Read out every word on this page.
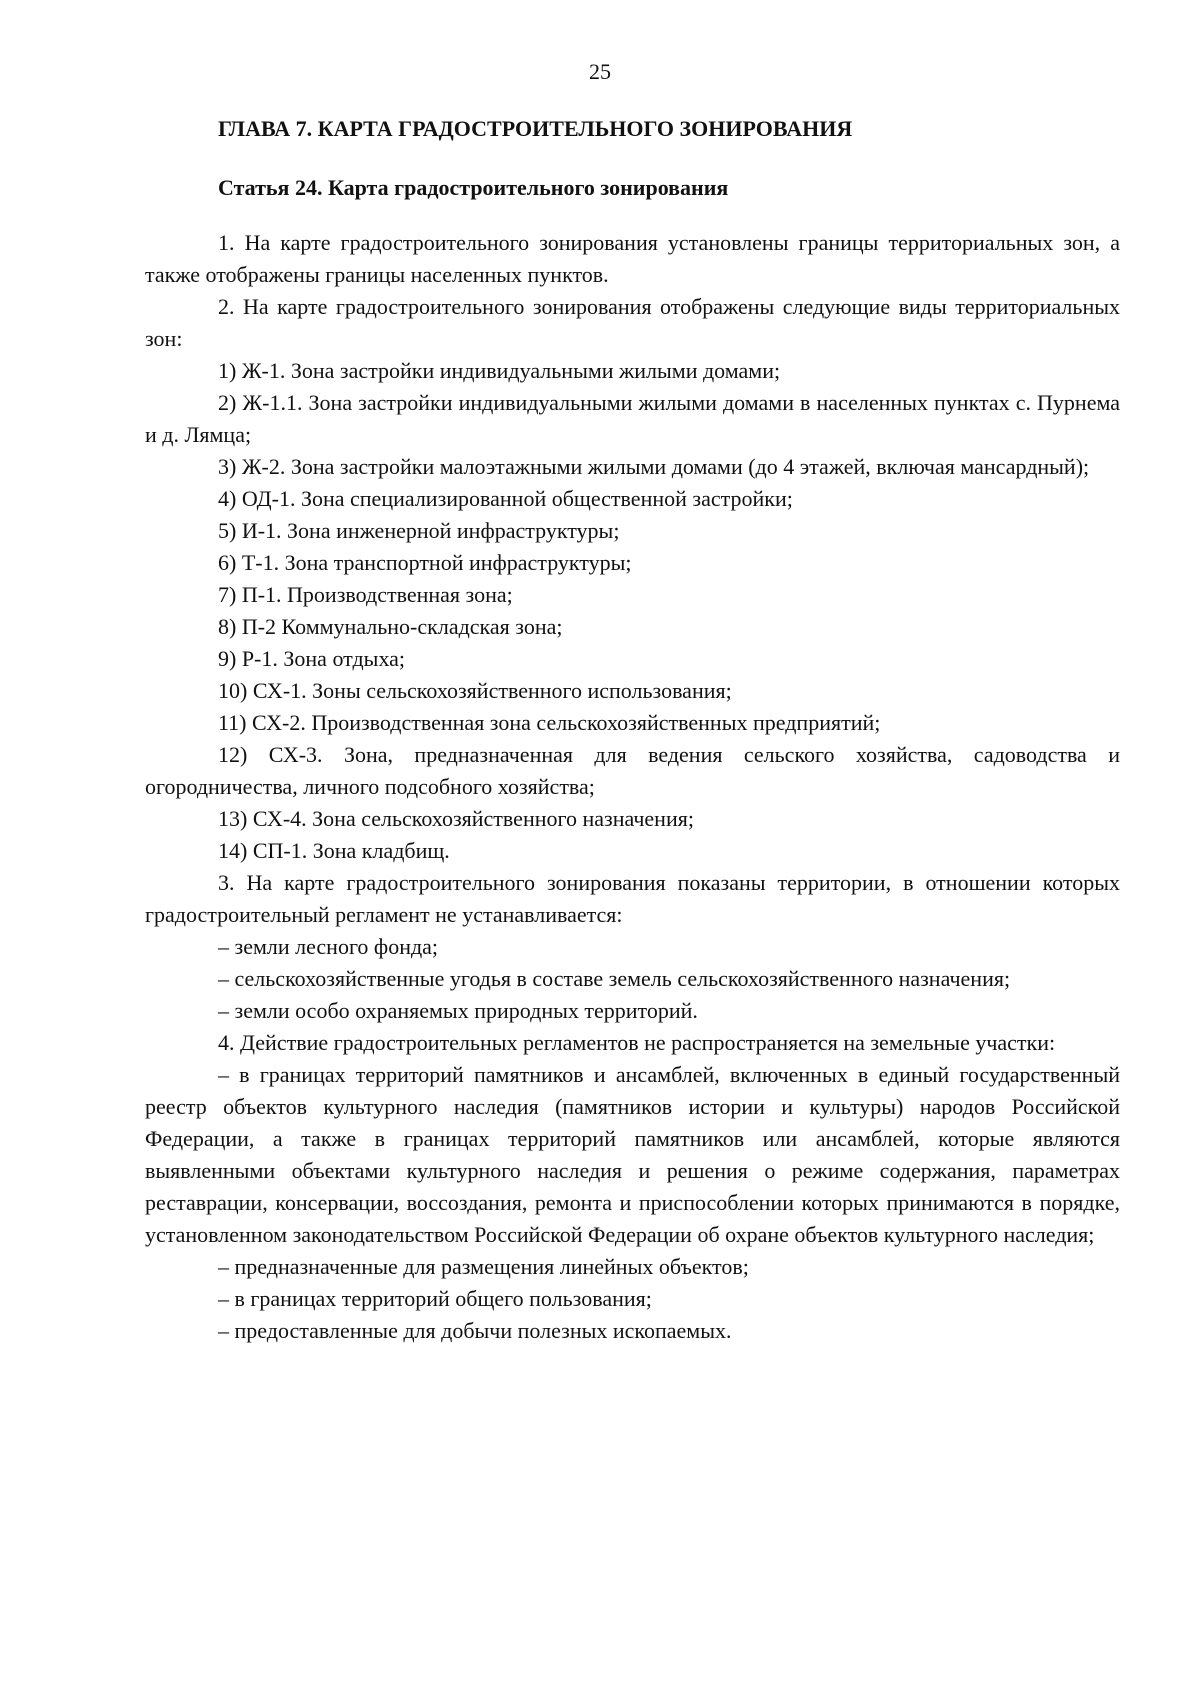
25
ГЛАВА 7. КАРТА ГРАДОСТРОИТЕЛЬНОГО ЗОНИРОВАНИЯ
Статья 24. Карта градостроительного зонирования

1. На карте градостроительного зонирования установлены границы территориальных зон, а также отображены границы населенных пунктов.

2. На карте градостроительного зонирования отображены следующие виды территориальных зон:

1) Ж-1. Зона застройки индивидуальными жилыми домами;

2) Ж-1.1. Зона застройки индивидуальными жилыми домами в населенных пунктах с. Пурнема и д. Лямца;

3) Ж-2. Зона застройки малоэтажными жилыми домами (до 4 этажей, включая мансардный);

4) ОД-1. Зона специализированной общественной застройки;

5) И-1. Зона инженерной инфраструктуры;

6) Т-1. Зона транспортной инфраструктуры;

7) П-1. Производственная зона;

8) П-2 Коммунально-складская зона;

9) Р-1. Зона отдыха;

10) СХ-1. Зоны сельскохозяйственного использования;

11) СХ-2. Производственная зона сельскохозяйственных предприятий;

12) СХ-3. Зона, предназначенная для ведения сельского хозяйства, садоводства и огородничества, личного подсобного хозяйства;

13) СХ-4. Зона сельскохозяйственного назначения;

14) СП-1. Зона кладбищ.

3. На карте градостроительного зонирования показаны территории, в отношении которых градостроительный регламент не устанавливается:

– земли лесного фонда;

– сельскохозяйственные угодья в составе земель сельскохозяйственного назначения;

– земли особо охраняемых природных территорий.

4. Действие градостроительных регламентов не распространяется на земельные участки:

– в границах территорий памятников и ансамблей, включенных в единый государственный реестр объектов культурного наследия (памятников истории и культуры) народов Российской Федерации, а также в границах территорий памятников или ансамблей, которые являются выявленными объектами культурного наследия и решения о режиме содержания, параметрах реставрации, консервации, воссоздания, ремонта и приспособлении которых принимаются в порядке, установленном законодательством Российской Федерации об охране объектов культурного наследия;

– предназначенные для размещения линейных объектов;

– в границах территорий общего пользования;

– предоставленные для добычи полезных ископаемых.
